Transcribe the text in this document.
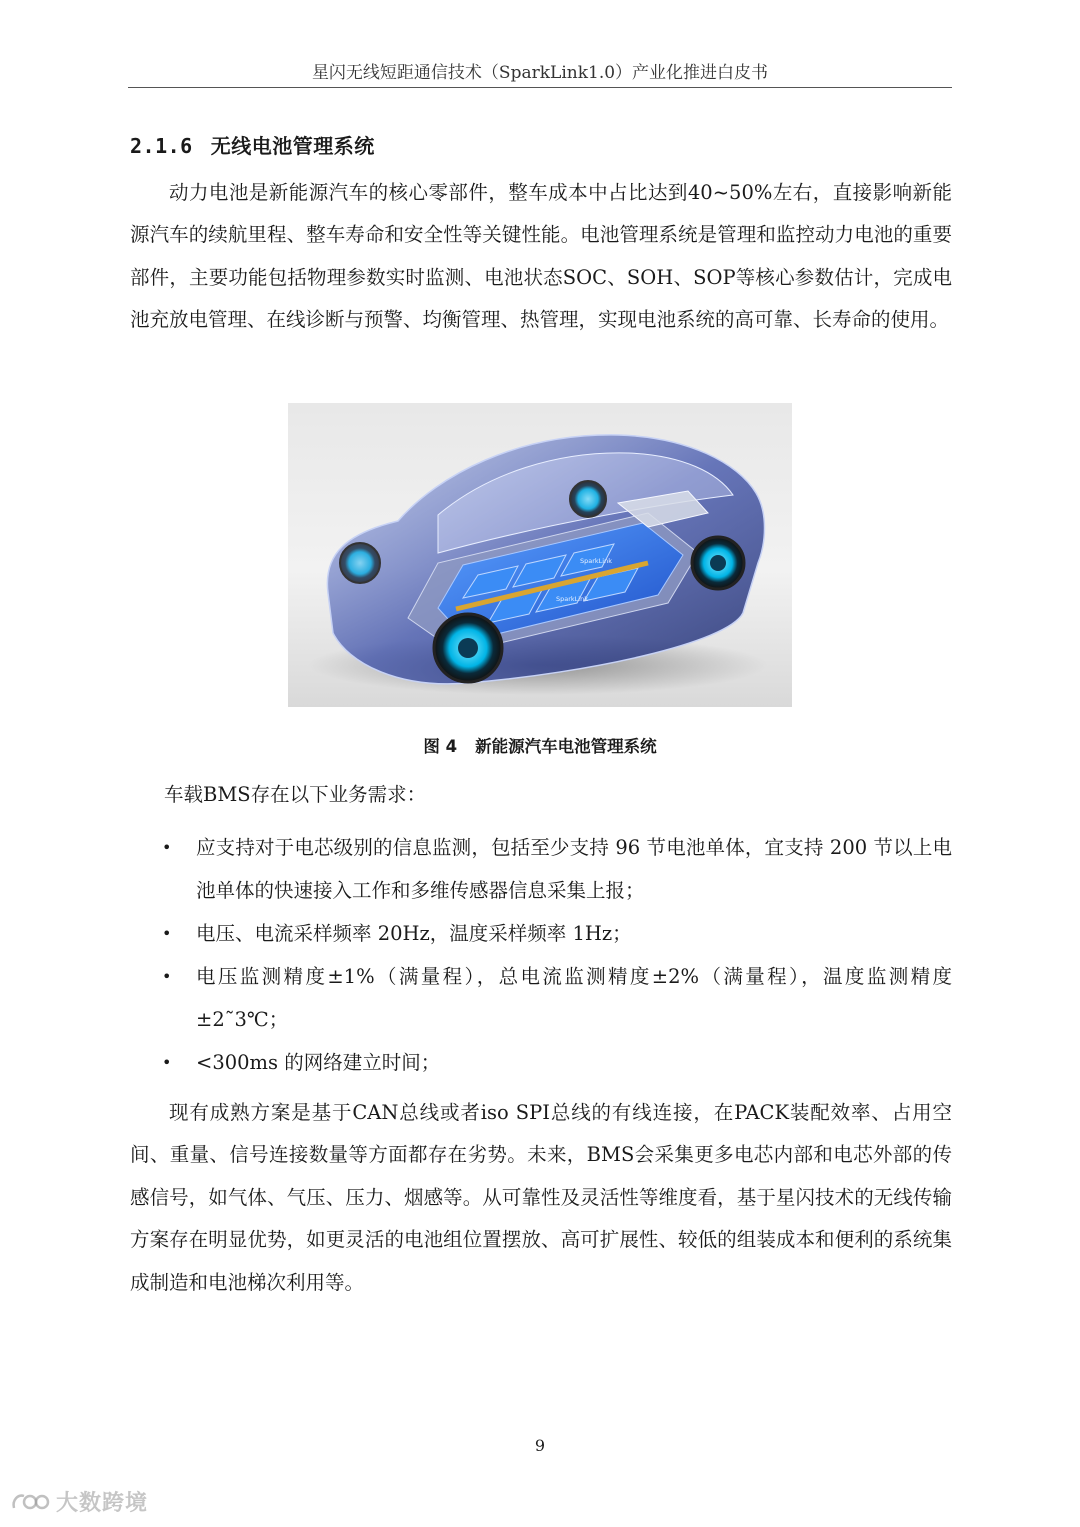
星闪无线短距通信技术（SparkLink1.0）产业化推进白皮书
2.1.6 无线电池管理系统

动力电池是新能源汽车的核心零部件，整车成本中占比达到40~50%左右，直接影响新能源汽车的续航里程、整车寿命和安全性等关键性能。电池管理系统是管理和监控动力电池的重要部件，主要功能包括物理参数实时监测、电池状态SOC、SOH、SOP等核心参数估计，完成电池充放电管理、在线诊断与预警、均衡管理、热管理，实现电池系统的高可靠、长寿命的使用。

SparkLink
SparkLink
图 4 新能源汽车电池管理系统
车载BMS存在以下业务需求：
• 应支持对于电芯级别的信息监测，包括至少支持 96 节电池单体，宜支持 200 节以上电池单体的快速接入工作和多维传感器信息采集上报；
• 电压、电流采样频率 20Hz，温度采样频率 1Hz；
• 电压监测精度±1%（满量程），总电流监测精度±2%（满量程），温度监测精度±2˜3℃；
• <300ms 的网络建立时间；

现有成熟方案是基于CAN总线或者iso SPI总线的有线连接，在PACK装配效率、占用空间、重量、信号连接数量等方面都存在劣势。未来，BMS会采集更多电芯内部和电芯外部的传感信号，如气体、气压、压力、烟感等。从可靠性及灵活性等维度看，基于星闪技术的无线传输方案存在明显优势，如更灵活的电池组位置摆放、高可扩展性、较低的组装成本和便利的系统集成制造和电池梯次利用等。

9
大数跨境
